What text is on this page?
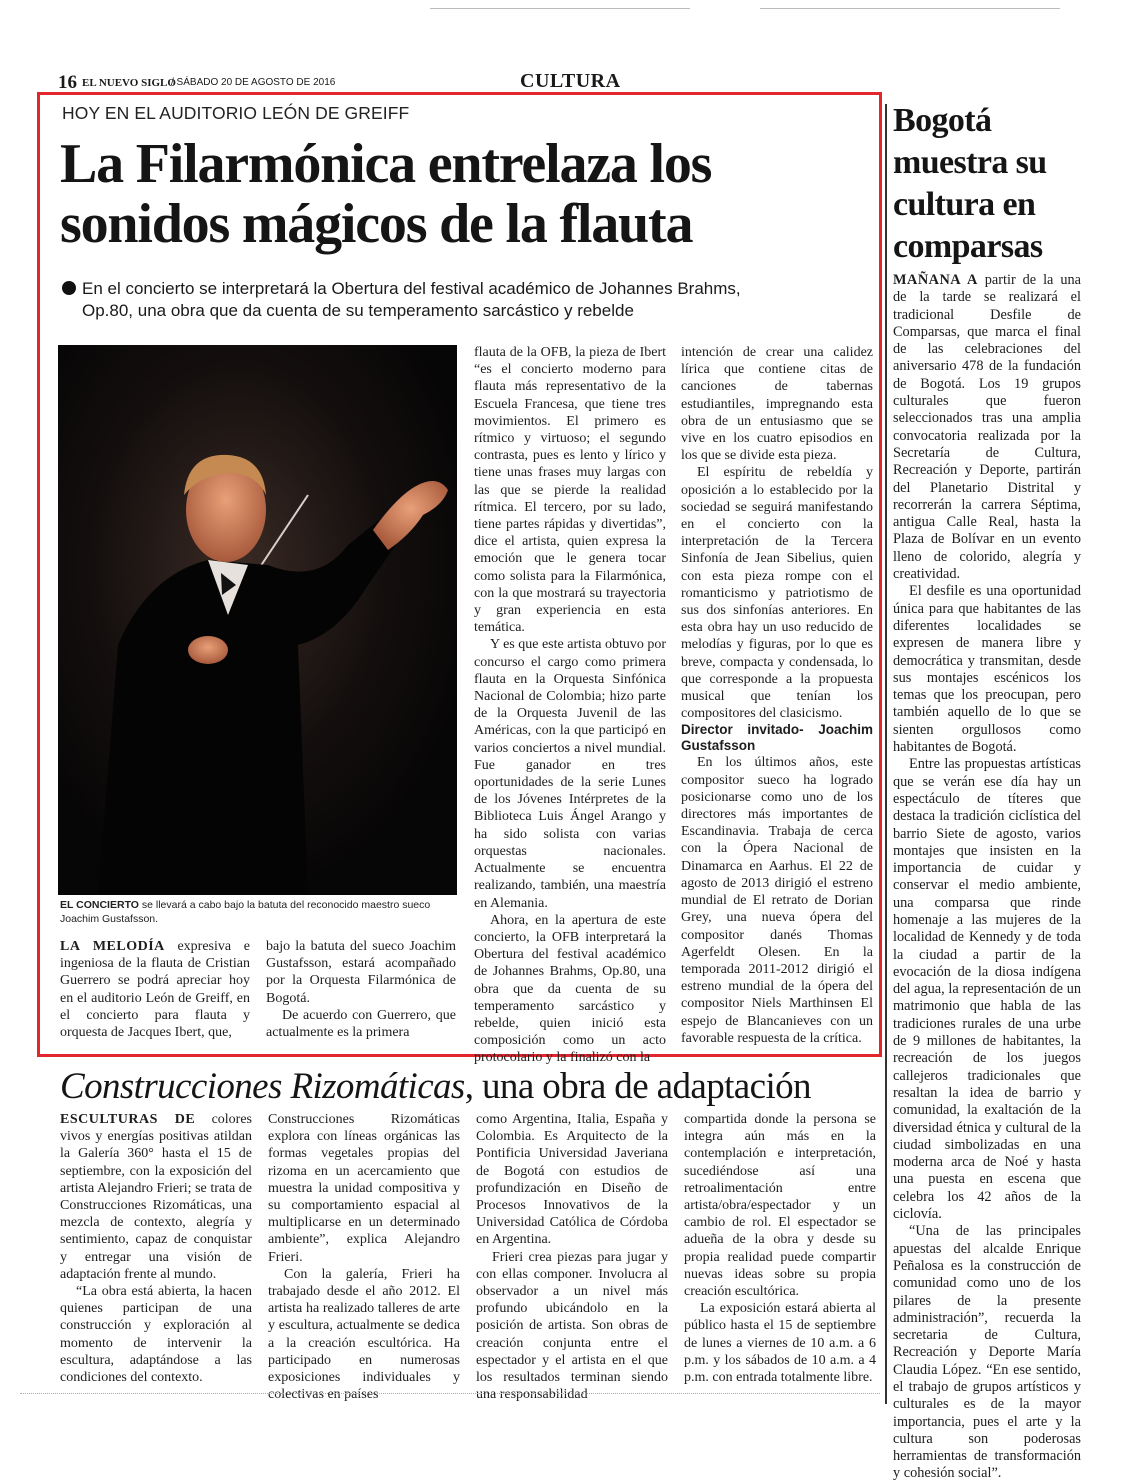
16 EL NUEVO SIGLO
/ SÁBADO 20 DE AGOSTO DE 2016	CULTURA
HOY EN EL AUDITORIO LEÓN DE GREIFF
La Filarmónica entrelaza los
sonidos mágicos de la flauta
En el concierto se interpretará la Obertura del festival académico de Johannes Brahms,
Op.80, una obra que da cuenta de su temperamento sarcástico y rebelde
EL CONCIERTO se llevará a cabo bajo la batuta del reconocido maestro sueco Joachim Gustafsson.

LA MELODÍA expresiva e ingeniosa de la flauta de Cristian Guerrero se podrá apreciar hoy en el auditorio León de Greiff, en el concierto para flauta y orquesta de Jacques Ibert, que,

bajo la batuta del sueco Joachim Gustafsson, estará acompañado por la Orquesta Filarmónica de Bogotá.

De acuerdo con Guerrero, que actualmente es la primera

flauta de la OFB, la pieza de Ibert “es el concierto moderno para flauta más representativo de la Escuela Francesa, que tiene tres movimientos. El primero es rítmico y virtuoso; el segundo contrasta, pues es lento y lírico y tiene unas frases muy largas con las que se pierde la realidad rítmica. El tercero, por su lado, tiene partes rápidas y divertidas”, dice el artista, quien expresa la emoción que le genera tocar como solista para la Filarmónica, con la que mostrará su trayectoria y gran experiencia en esta temática.

Y es que este artista obtuvo por concurso el cargo como primera flauta en la Orquesta Sinfónica Nacional de Colombia; hizo parte de la Orquesta Juvenil de las Américas, con la que participó en varios conciertos a nivel mundial. Fue ganador en tres oportunidades de la serie Lunes de los Jóvenes Intérpretes de la Biblioteca Luis Ángel Arango y ha sido solista con varias orquestas nacionales. Actualmente se encuentra realizando, también, una maestría en Alemania.

Ahora, en la apertura de este concierto, la OFB interpretará la Obertura del festival académico de Johannes Brahms, Op.80, una obra que da cuenta de su temperamento sarcástico y rebelde, quien inició esta composición como un acto protocolario y la finalizó con la

intención de crear una calidez lírica que contiene citas de canciones de tabernas estudiantiles, impregnando esta obra de un entusiasmo que se vive en los cuatro episodios en los que se divide esta pieza.

El espíritu de rebeldía y oposición a lo establecido por la sociedad se seguirá manifestando en el concierto con la interpretación de la Tercera Sinfonía de Jean Sibelius, quien con esta pieza rompe con el romanticismo y patriotismo de sus dos sinfonías anteriores. En esta obra hay un uso reducido de melodías y figuras, por lo que es breve, compacta y condensada, lo que corresponde a la propuesta musical que tenían los compositores del clasicismo.

Director invitado- Joachim Gustafsson

En los últimos años, este compositor sueco ha logrado posicionarse como uno de los directores más importantes de Escandinavia. Trabaja de cerca con la Ópera Nacional de Dinamarca en Aarhus. El 22 de agosto de 2013 dirigió el estreno mundial de El retrato de Dorian Grey, una nueva ópera del compositor danés Thomas Agerfeldt Olesen. En la temporada 2011-2012 dirigió el estreno mundial de la ópera del compositor Niels Marthinsen El espejo de Blancanieves con un favorable respuesta de la crítica.

Bogotá
muestra su
cultura en
comparsas

MAÑANA A partir de la una de la tarde se realizará el tradicional Desfile de Comparsas, que marca el final de las celebraciones del aniversario 478 de la fundación de Bogotá. Los 19 grupos culturales que fueron seleccionados tras una amplia convocatoria realizada por la Secretaría de Cultura, Recreación y Deporte, partirán del Planetario Distrital y recorrerán la carrera Séptima, antigua Calle Real, hasta la Plaza de Bolívar en un evento lleno de colorido, alegría y creatividad.

El desfile es una oportunidad única para que habitantes de las diferentes localidades se expresen de manera libre y democrática y transmitan, desde sus montajes escénicos los temas que los preocupan, pero también aquello de lo que se sienten orgullosos como habitantes de Bogotá.

Entre las propuestas artísticas que se verán ese día hay un espectáculo de títeres que destaca la tradición ciclística del barrio Siete de agosto, varios montajes que insisten en la importancia de cuidar y conservar el medio ambiente, una comparsa que rinde homenaje a las mujeres de la localidad de Kennedy y de toda la ciudad a partir de la evocación de la diosa indígena del agua, la representación de un matrimonio que habla de las tradiciones rurales de una urbe de 9 millones de habitantes, la recreación de los juegos callejeros tradicionales que resaltan la idea de barrio y comunidad, la exaltación de la diversidad étnica y cultural de la ciudad simbolizadas en una moderna arca de Noé y hasta una puesta en escena que celebra los 42 años de la ciclovía.

“Una de las principales apuestas del alcalde Enrique Peñalosa es la construcción de comunidad como uno de los pilares de la presente administración”, recuerda la secretaria de Cultura, Recreación y Deporte María Claudia López. “En ese sentido, el trabajo de grupos artísticos y culturales es de la mayor importancia, pues el arte y la cultura son poderosas herramientas de transformación y cohesión social”.

Construcciones Rizomáticas, una obra de adaptación

ESCULTURAS DE colores vivos y energías positivas atildan la Galería 360° hasta el 15 de septiembre, con la exposición del artista Alejandro Frieri; se trata de Construcciones Rizomáticas, una mezcla de contexto, alegría y sentimiento, capaz de conquistar y entregar una visión de adaptación frente al mundo.

“La obra está abierta, la hacen quienes participan de una construcción y exploración al momento de intervenir la escultura, adaptándose a las condiciones del contexto.

Construcciones Rizomáticas explora con líneas orgánicas las formas vegetales propias del rizoma en un acercamiento que muestra la unidad compositiva y su comportamiento espacial al multiplicarse en un determinado ambiente”, explica Alejandro Frieri.

Con la galería, Frieri ha trabajado desde el año 2012. El artista ha realizado talleres de arte y escultura, actualmente se dedica a la creación escultórica. Ha participado en numerosas exposiciones individuales y colectivas en países

como Argentina, Italia, España y Colombia. Es Arquitecto de la Pontificia Universidad Javeriana de Bogotá con estudios de profundización en Diseño de Procesos Innovativos de la Universidad Católica de Córdoba en Argentina.

Frieri crea piezas para jugar y con ellas componer. Involucra al observador a un nivel más profundo ubicándolo en la posición de artista. Son obras de creación conjunta entre el espectador y el artista en el que los resultados terminan siendo una responsabilidad

compartida donde la persona se integra aún más en la contemplación e interpretación, sucediéndose así una retroalimentación entre artista/obra/espectador y un cambio de rol. El espectador se adueña de la obra y desde su propia realidad puede compartir nuevas ideas sobre su propia creación escultórica.

La exposición estará abierta al público hasta el 15 de septiembre de lunes a viernes de 10 a.m. a 6 p.m. y los sábados de 10 a.m. a 4 p.m. con entrada totalmente libre.
